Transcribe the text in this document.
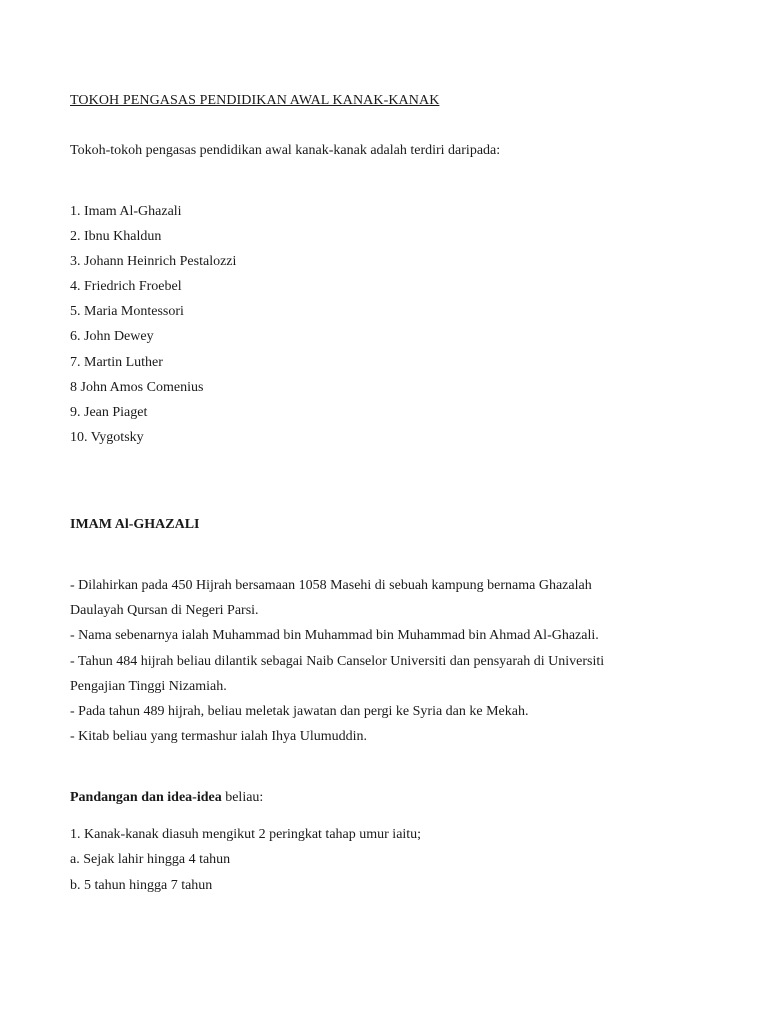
TOKOH PENGASAS PENDIDIKAN AWAL KANAK-KANAK
Tokoh-tokoh pengasas pendidikan awal kanak-kanak adalah terdiri daripada:
1. Imam Al-Ghazali
2. Ibnu Khaldun
3. Johann Heinrich Pestalozzi
4. Friedrich Froebel
5. Maria Montessori
6. John Dewey
7. Martin Luther
8 John Amos Comenius
9. Jean Piaget
10. Vygotsky
IMAM Al-GHAZALI
- Dilahirkan pada 450 Hijrah bersamaan 1058 Masehi di sebuah kampung bernama Ghazalah
Daulayah Qursan di Negeri Parsi.
- Nama sebenarnya ialah Muhammad bin Muhammad bin Muhammad bin Ahmad Al-Ghazali.
- Tahun 484 hijrah beliau dilantik sebagai Naib Canselor Universiti dan pensyarah di Universiti
Pengajian Tinggi Nizamiah.
- Pada tahun 489 hijrah, beliau meletak jawatan dan pergi ke Syria dan ke Mekah.
- Kitab beliau yang termashur ialah Ihya Ulumuddin.
Pandangan dan idea-idea beliau:
1. Kanak-kanak diasuh mengikut 2 peringkat tahap umur iaitu;
a. Sejak lahir hingga 4 tahun
b. 5 tahun hingga 7 tahun
